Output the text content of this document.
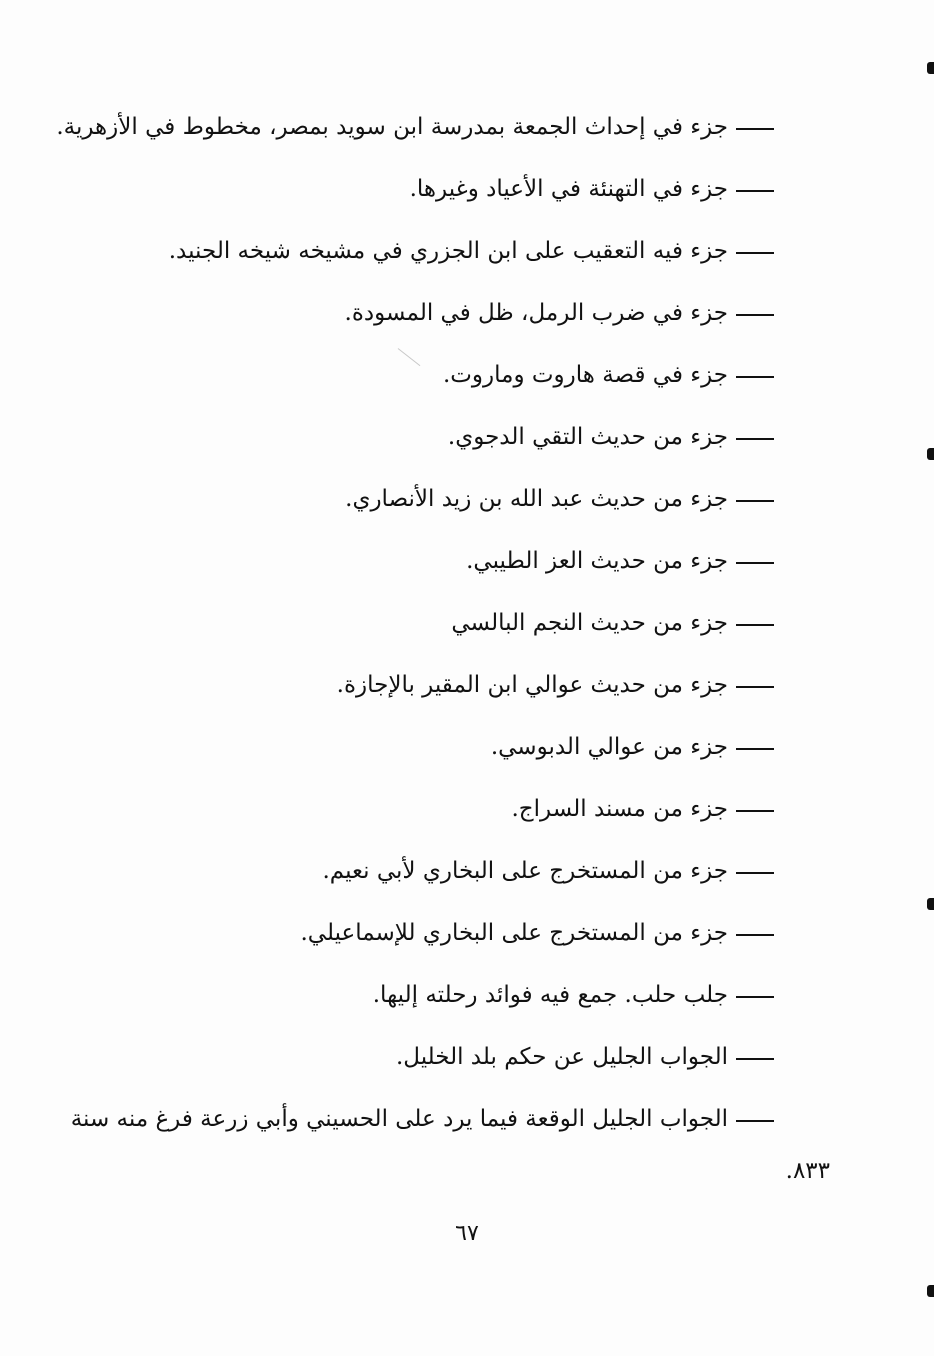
جزء في إحداث الجمعة بمدرسة ابن سويد بمصر، مخطوط في الأزهرية.
جزء في التهنئة في الأعياد وغيرها.
جزء فيه التعقيب على ابن الجزري في مشيخه شيخه الجنيد.
جزء في ضرب الرمل، ظل في المسودة.
جزء في قصة هاروت وماروت.
جزء من حديث التقي الدجوي.
جزء من حديث عبد الله بن زيد الأنصاري.
جزء من حديث العز الطيبي.
جزء من حديث النجم البالسي
جزء من حديث عوالي ابن المقير بالإجازة.
جزء من عوالي الدبوسي.
جزء من مسند السراج.
جزء من المستخرج على البخاري لأبي نعيم.
جزء من المستخرج على البخاري للإسماعيلي.
جلب حلب. جمع فيه فوائد رحلته إليها.
الجواب الجليل عن حكم بلد الخليل.
الجواب الجليل الوقعة فيما يرد على الحسيني وأبي زرعة فرغ منه سنة
٨٣٣.
٦٧
